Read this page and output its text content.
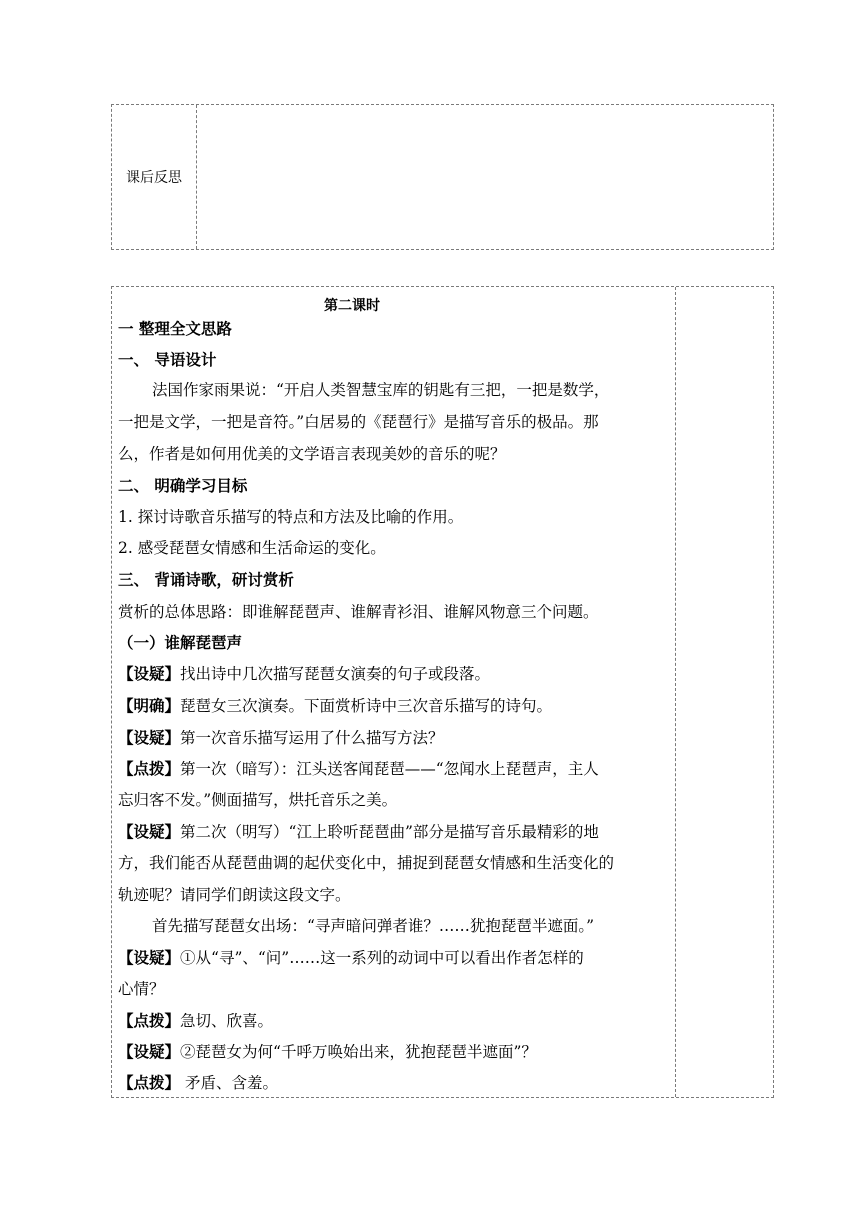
课后反思
第二课时
一 整理全文思路
一、 导语设计
法国作家雨果说：“开启人类智慧宝库的钥匙有三把，一把是数学，
一把是文学，一把是音符。”白居易的《琵琶行》是描写音乐的极品。那
么，作者是如何用优美的文学语言表现美妙的音乐的呢？
二、 明确学习目标
1. 探讨诗歌音乐描写的特点和方法及比喻的作用。
2. 感受琵琶女情感和生活命运的变化。
三、 背诵诗歌，研讨赏析
赏析的总体思路：即谁解琵琶声、谁解青衫泪、谁解风物意三个问题。
（一）谁解琵琶声
【设疑】找出诗中几次描写琵琶女演奏的句子或段落。
【明确】琵琶女三次演奏。下面赏析诗中三次音乐描写的诗句。
【设疑】第一次音乐描写运用了什么描写方法？
【点拨】第一次（暗写）：江头送客闻琵琶——“忽闻水上琵琶声，主人
忘归客不发。”侧面描写，烘托音乐之美。
【设疑】第二次（明写）“江上聆听琵琶曲”部分是描写音乐最精彩的地
方，我们能否从琵琶曲调的起伏变化中，捕捉到琵琶女情感和生活变化的
轨迹呢？请同学们朗读这段文字。
首先描写琵琶女出场：“寻声暗问弹者谁？……犹抱琵琶半遮面。”
【设疑】①从“寻”、“问”……这一系列的动词中可以看出作者怎样的
心情？
【点拨】急切、欣喜。
【设疑】②琵琶女为何“千呼万唤始出来，犹抱琵琶半遮面”？
【点拨】 矛盾、含羞。
